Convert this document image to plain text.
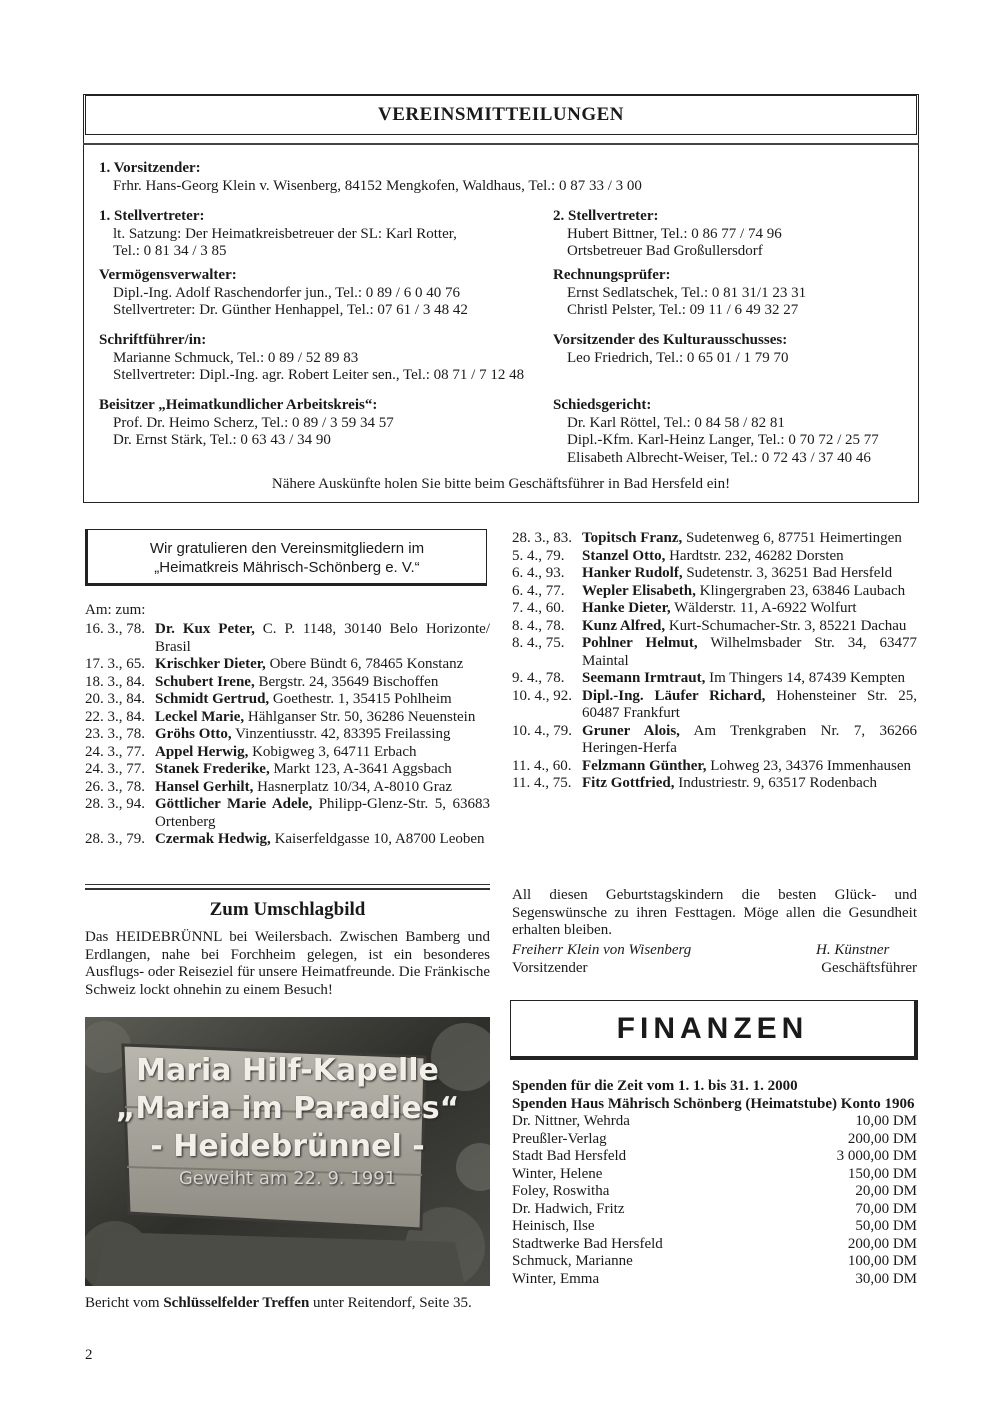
VEREINSMITTEILUNGEN
1. Vorsitzender:
Frhr. Hans-Georg Klein v. Wisenberg, 84152 Mengkofen, Waldhaus, Tel.: 0 87 33 / 3 00
1. Stellvertreter:
lt. Satzung: Der Heimatkreisbetreuer der SL: Karl Rotter,
Tel.: 0 81 34 / 3 85
2. Stellvertreter:
Hubert Bittner, Tel.: 0 86 77 / 74 96
Ortsbetreuer Bad Großullersdorf
Vermögensverwalter:
Dipl.-Ing. Adolf Raschendorfer jun., Tel.: 0 89 / 6 0 40 76
Stellvertreter: Dr. Günther Henhappel, Tel.: 07 61 / 3 48 42
Rechnungsprüfer:
Ernst Sedlatschek, Tel.: 0 81 31/1 23 31
Christl Pelster, Tel.: 09 11 / 6 49 32 27
Schriftführer/in:
Marianne Schmuck, Tel.: 0 89 / 52 89 83
Stellvertreter: Dipl.-Ing. agr. Robert Leiter sen., Tel.: 08 71 / 7 12 48
Vorsitzender des Kulturausschusses:
Leo Friedrich, Tel.: 0 65 01 / 1 79 70
Beisitzer „Heimatkundlicher Arbeitskreis“:
Prof. Dr. Heimo Scherz, Tel.: 0 89 / 3 59 34 57
Dr. Ernst Stärk, Tel.: 0 63 43 / 34 90
Schiedsgericht:
Dr. Karl Röttel, Tel.: 0 84 58 / 82 81
Dipl.-Kfm. Karl-Heinz Langer, Tel.: 0 70 72 / 25 77
Elisabeth Albrecht-Weiser, Tel.: 0 72 43 / 37 40 46
Nähere Auskünfte holen Sie bitte beim Geschäftsführer in Bad Hersfeld ein!
Wir gratulieren den Vereinsmitgliedern im
„Heimatkreis Mährisch-Schönberg e. V.“
Am: zum:
16. 3., 78. Dr. Kux Peter, C. P. 1148, 30140 Belo Horizonte/ Brasil
17. 3., 65. Krischker Dieter, Obere Bündt 6, 78465 Konstanz
18. 3., 84. Schubert Irene, Bergstr. 24, 35649 Bischoffen
20. 3., 84. Schmidt Gertrud, Goethestr. 1, 35415 Pohlheim
22. 3., 84. Leckel Marie, Hählganser Str. 50, 36286 Neuenstein
23. 3., 78. Gröhs Otto, Vinzentiusstr. 42, 83395 Freilassing
24. 3., 77. Appel Herwig, Kobigweg 3, 64711 Erbach
24. 3., 77. Stanek Frederike, Markt 123, A-3641 Aggsbach
26. 3., 78. Hansel Gerhilt, Hasnerplatz 10/34, A-8010 Graz
28. 3., 94. Göttlicher Marie Adele, Philipp-Glenz-Str. 5, 63683 Ortenberg
28. 3., 79. Czermak Hedwig, Kaiserfeldgasse 10, A8700 Leoben
28. 3., 83. Topitsch Franz, Sudetenweg 6, 87751 Heimertingen
5. 4., 79.	Stanzel Otto, Hardtstr. 232, 46282 Dorsten
6. 4., 93.	Hanker Rudolf, Sudetenstr. 3, 36251 Bad Hersfeld
6. 4., 77.	Wepler Elisabeth, Klingergraben 23, 63846 Laubach
7. 4., 60.	Hanke Dieter, Wälderstr. 11, A-6922 Wolfurt
8. 4., 78.	Kunz Alfred, Kurt-Schumacher-Str. 3, 85221 Dachau
8. 4., 75.	Pohlner Helmut, Wilhelmsbader Str. 34, 63477 Maintal
9. 4., 78.	Seemann Irmtraut, Im Thingers 14, 87439 Kempten
10. 4., 92. Dipl.-Ing. Läufer Richard, Hohensteiner Str. 25, 60487 Frankfurt
10. 4., 79. Gruner Alois, Am Trenkgraben Nr. 7, 36266 Heringen-Herfa
11. 4., 60. Felzmann Günther, Lohweg 23, 34376 Immenhausen
11. 4., 75. Fitz Gottfried, Industriestr. 9, 63517 Rodenbach
All diesen Geburtstagskindern die besten Glück- und Segenswünsche zu ihren Festtagen. Möge allen die Gesundheit erhalten bleiben.
Freiherr Klein von Wisenberg	H. Künstner
Vorsitzender	Geschäftsführer
Zum Umschlagbild
Das HEIDEBRÜNNL bei Weilersbach. Zwischen Bamberg und Erdlangen, nahe bei Forchheim gelegen, ist ein besonderes Ausflugs- oder Reiseziel für unsere Heimatfreunde. Die Fränkische Schweiz lockt ohnehin zu einem Besuch!
Maria Hilf-Kapelle
„Maria im Paradies“
- Heidebrünnel -
Geweiht am 22. 9. 1991
Bericht vom Schlüsselfelder Treffen unter Reitendorf, Seite 35.
FINANZEN
Spenden für die Zeit vom 1. 1. bis 31. 1. 2000
Spenden Haus Mährisch Schönberg (Heimatstube) Konto 1906
Dr. Nittner, Wehrda	10,00 DM
Preußler-Verlag	200,00 DM
Stadt Bad Hersfeld	3 000,00 DM
Winter, Helene	150,00 DM
Foley, Roswitha	20,00 DM
Dr. Hadwich, Fritz	70,00 DM
Heinisch, Ilse	50,00 DM
Stadtwerke Bad Hersfeld	200,00 DM
Schmuck, Marianne	100,00 DM
Winter, Emma	30,00 DM
2
